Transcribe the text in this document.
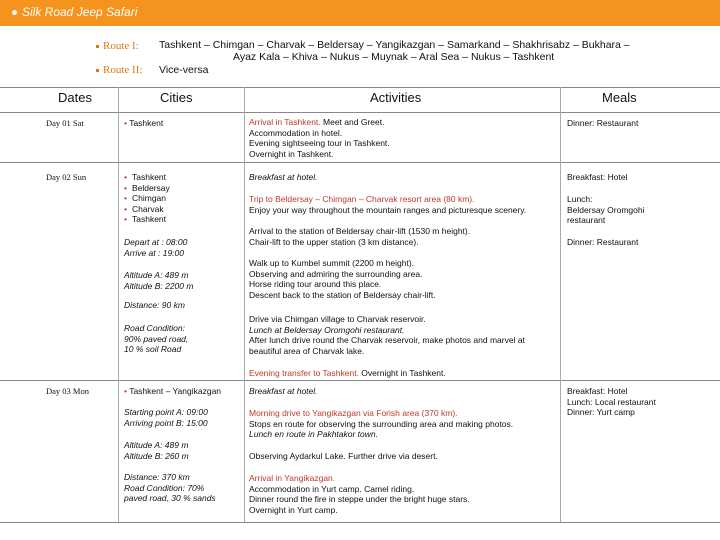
Silk Road Jeep Safari
Route I: Tashkent – Chimgan – Charvak – Beldersay – Yangikazgan – Samarkand – Shakhrisabz – Bukhara –
Ayaz Kala – Khiva – Nukus – Muynak – Aral Sea – Nukus – Tashkent
Route II: Vice-versa
Dates	Cities	Activities	Meals
Day 01 Sat	• Tashkent	Arrival in Tashkent. Meet and Greet.
Accommodation in hotel.
Evening sightseeing tour in Tashkent.
Overnight in Tashkent.
Dinner: Restaurant
Day 02 Sun
•	Tashkent
• Beldersay
• Chimgan
• Charvak
• Tashkent
Depart at : 08:00
Arrive at : 19:00
Altitude A: 489 m
Altitude B: 2200 m
Distance: 90 km
Road Condition:
90% paved road,
10 % soil Road
Breakfast at hotel.
Trip to Beldersay – Chimgan – Charvak resort area (80 km).
Enjoy your way throughout the mountain ranges and picturesque scenery.
Arrival to the station of Beldersay chair-lift (1530 m height).
Chair-lift to the upper station (3 km distance).
Walk up to Kumbel summit (2200 m height).
Observing and admiring the surrounding area.
Horse riding tour around this place.
Descent back to the station of Beldersay chair-lift.
Drive via Chimgan village to Charvak reservoir.
Lunch at Beldersay Oromgohi restaurant.
After lunch drive round the Charvak reservoir, make photos and marvel at
beautiful area of Charvak lake.
Evening transfer to Tashkent. Overnight in Tashkent.
Breakfast: Hotel
Lunch:
Beldersay Oromgohi
restaurant
Dinner: Restaurant
Day 03 Mon	• Tashkent – Yangikazgan
Starting point A: 09:00
Arriving point B: 15:00
Altitude A: 489 m
Altitude B: 260 m
Distance: 370 km
Road Condition: 70%
paved road, 30 % sands
Breakfast at hotel.
Morning drive to Yangikazgan via Forish area (370 km).
Stops en route for observing the surrounding area and making photos.
Lunch en route in Pakhtakor town.
Observing Aydarkul Lake. Further drive via desert.
Arrival in Yangikazgan.
Accommodation in Yurt camp. Camel riding.
Dinner round the fire in steppe under the bright huge stars.
Overnight in Yurt camp.
Breakfast: Hotel
Lunch: Local restaurant
Dinner: Yurt camp
